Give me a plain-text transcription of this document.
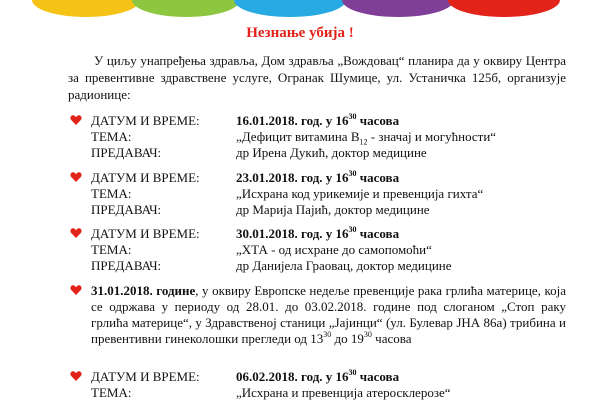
Незнање убија !
У циљу унапређења здравља, Дом здравља „Вождовац“ планира да у оквиру Центра за превентивне здравствене услуге, Огранак Шумице, ул. Устаничка 125б, организује радионице:
ДАТУМ И ВРЕМЕ:	16.01.2018. год. у $16^{30}$ часова
ТЕМА:	„Дефицит витамина $B_{12}$ - значај и могућности“
ПРЕДАВАЧ:	др Ирена Дукић, доктор медицине
ДАТУМ И ВРЕМЕ:	23.01.2018. год. у $16^{30}$ часова
ТЕМА:	„Исхрана код урикемије и превенција гихта“
ПРЕДАВАЧ:	др Марија Пајић, доктор медицине
ДАТУМ И ВРЕМЕ:	30.01.2018. год. у $16^{30}$ часова
ТЕМА:	„ХТА - од исхране до самопомоћи“
ПРЕДАВАЧ:	др Данијела Граовац, доктор медицине
31.01.2018. године, у оквиру Европске недеље превенције рака грлића материце, која се одржава у периоду од 28.01. до 03.02.2018. године под слоганом „Стоп раку грлића материце“, у Здравственој станици „Јајинци“ (ул. Булевар ЈНА 86а) трибина и превентивни гинеколошки прегледи од $13^{30}$ до $19^{30}$ часова
ДАТУМ И ВРЕМЕ:	06.02.2018. год. у $16^{30}$ часова
ТЕМА:	„Исхрана и превенција атеросклерозе“
